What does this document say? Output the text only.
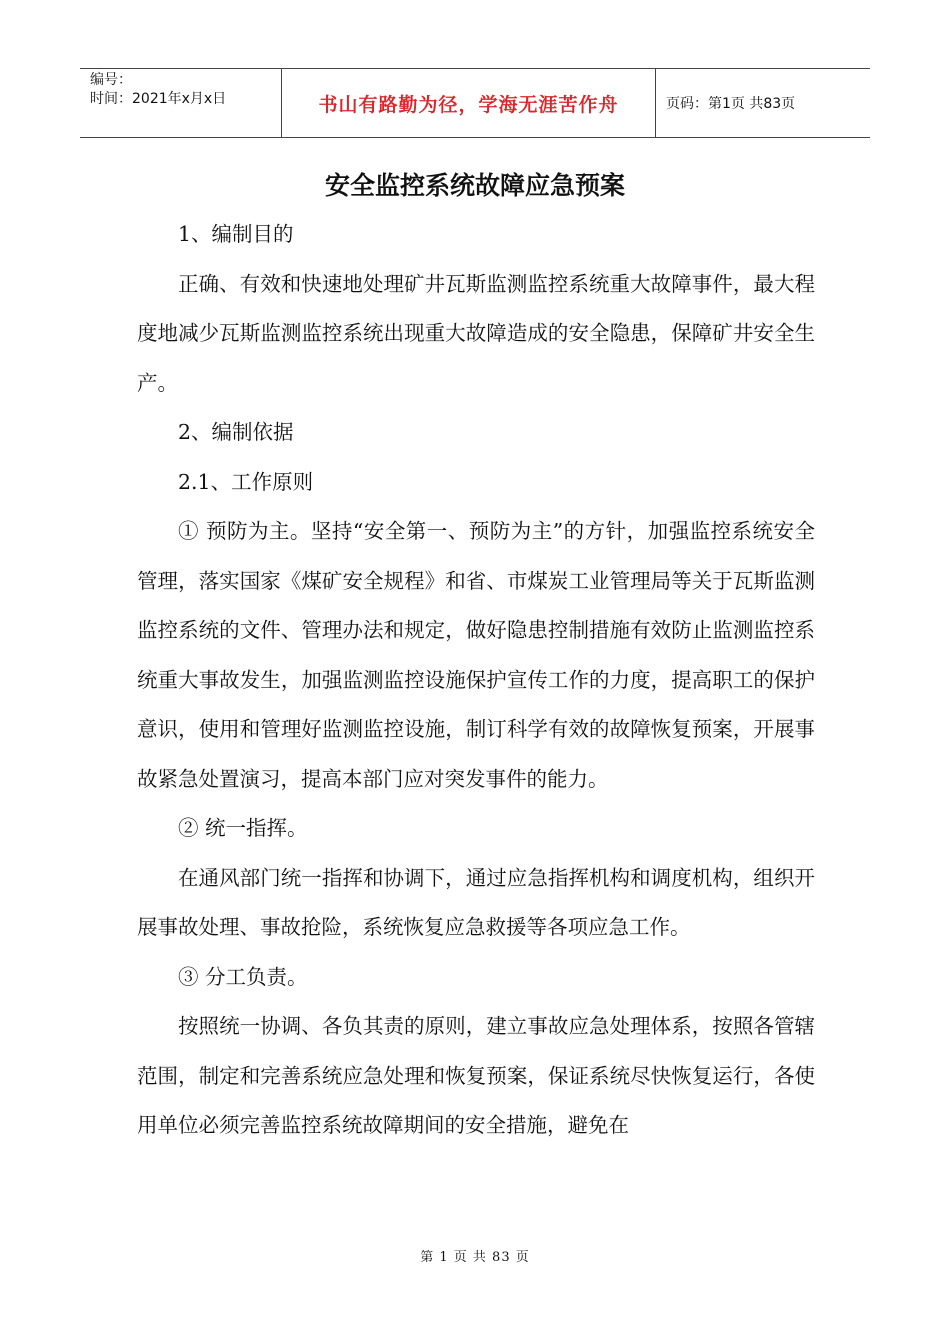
编号：
时间：2021年x月x日	书山有路勤为径，学海无涯苦作舟	页码：第1页 共83页
安全监控系统故障应急预案

1、编制目的

正确、有效和快速地处理矿井瓦斯监测监控系统重大故障事件，最大程度地减少瓦斯监测监控系统出现重大故障造成的安全隐患，保障矿井安全生产。

2、编制依据

2.1、工作原则

① 预防为主。坚持“安全第一、预防为主”的方针，加强监控系统安全管理，落实国家《煤矿安全规程》和省、市煤炭工业管理局等关于瓦斯监测监控系统的文件、管理办法和规定，做好隐患控制措施有效防止监测监控系统重大事故发生，加强监测监控设施保护宣传工作的力度，提高职工的保护意识，使用和管理好监测监控设施，制订科学有效的故障恢复预案，开展事故紧急处置演习，提高本部门应对突发事件的能力。

② 统一指挥。

在通风部门统一指挥和协调下，通过应急指挥机构和调度机构，组织开展事故处理、事故抢险，系统恢复应急救援等各项应急工作。

③ 分工负责。

按照统一协调、各负其责的原则，建立事故应急处理体系，按照各管辖范围，制定和完善系统应急处理和恢复预案，保证系统尽快恢复运行，各使用单位必须完善监控系统故障期间的安全措施，避免在

第 1 页 共 83 页
